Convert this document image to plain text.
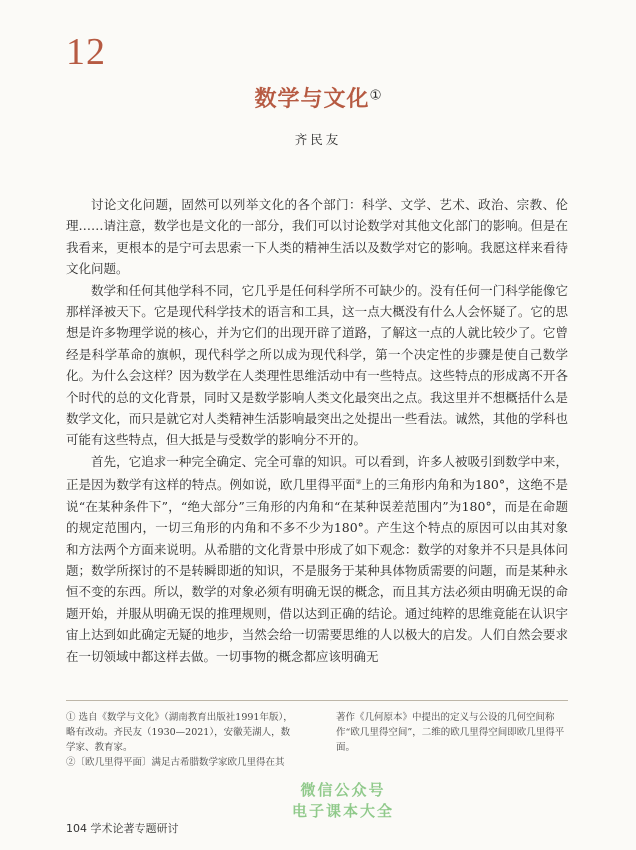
12
数学与文化①
齐民友

讨论文化问题，固然可以列举文化的各个部门：科学、文学、艺术、政治、宗教、伦理……请注意，数学也是文化的一部分，我们可以讨论数学对其他文化部门的影响。但是在我看来，更根本的是宁可去思索一下人类的精神生活以及数学对它的影响。我愿这样来看待文化问题。

数学和任何其他学科不同，它几乎是任何科学所不可缺少的。没有任何一门科学能像它那样泽被天下。它是现代科学技术的语言和工具，这一点大概没有什么人会怀疑了。它的思想是许多物理学说的核心，并为它们的出现开辟了道路，了解这一点的人就比较少了。它曾经是科学革命的旗帜，现代科学之所以成为现代科学，第一个决定性的步骤是使自己数学化。为什么会这样？因为数学在人类理性思维活动中有一些特点。这些特点的形成离不开各个时代的总的文化背景，同时又是数学影响人类文化最突出之点。我这里并不想概括什么是数学文化，而只是就它对人类精神生活影响最突出之处提出一些看法。诚然，其他的学科也可能有这些特点，但大抵是与受数学的影响分不开的。

首先，它追求一种完全确定、完全可靠的知识。可以看到，许多人被吸引到数学中来，正是因为数学有这样的特点。例如说，欧几里得平面②上的三角形内角和为180°，这绝不是说“在某种条件下”，“绝大部分”三角形的内角和“在某种误差范围内”为180°，而是在命题的规定范围内，一切三角形的内角和不多不少为180°。产生这个特点的原因可以由其对象和方法两个方面来说明。从希腊的文化背景中形成了如下观念：数学的对象并不只是具体问题；数学所探讨的不是转瞬即逝的知识，不是服务于某种具体物质需要的问题，而是某种永恒不变的东西。所以，数学的对象必须有明确无误的概念，而且其方法必须由明确无误的命题开始，并服从明确无误的推理规则，借以达到正确的结论。通过纯粹的思维竟能在认识宇宙上达到如此确定无疑的地步，当然会给一切需要思维的人以极大的启发。人们自然会要求在一切领域中都这样去做。一切事物的概念都应该明确无

① 选自《数学与文化》（湖南教育出版社1991年版），略有改动。齐民友（1930—2021），安徽芜湖人，数学家、教育家。

②〔欧几里得平面〕满足古希腊数学家欧几里得在其

著作《几何原本》中提出的定义与公设的几何空间称作“欧几里得空间”，二维的欧几里得空间即欧几里得平面。

104 学术论著专题研讨
微信公众号
电子课本大全
